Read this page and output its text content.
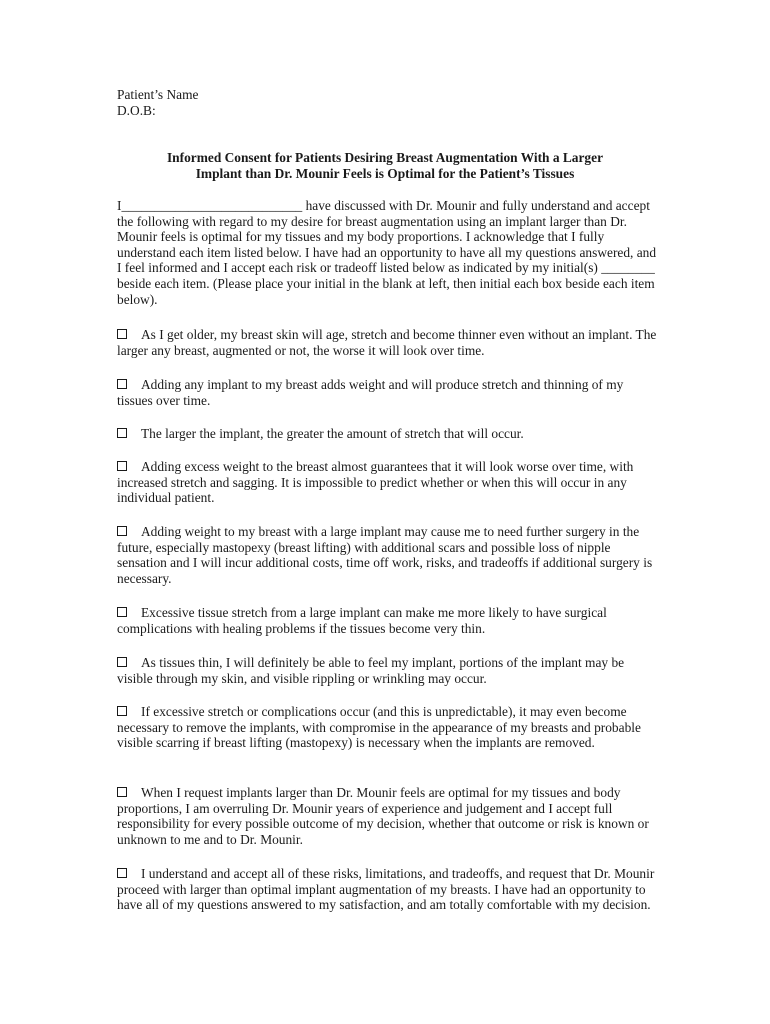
Patient’s Name
D.O.B:
Informed Consent for Patients Desiring Breast Augmentation With a Larger
Implant than Dr. Mounir Feels is Optimal for the Patient’s Tissues

I___________________________ have discussed with Dr. Mounir and fully understand and accept the following with regard to my desire for breast augmentation using an implant larger than Dr. Mounir feels is optimal for my tissues and my body proportions. I acknowledge that I fully understand each item listed below. I have had an opportunity to have all my questions answered, and I feel informed and I accept each risk or tradeoff listed below as indicated by my initial(s) ________ beside each item. (Please place your initial in the blank at left, then initial each box beside each item below).

As I get older, my breast skin will age, stretch and become thinner even without an implant. The larger any breast, augmented or not, the worse it will look over time.

Adding any implant to my breast adds weight and will produce stretch and thinning of my tissues over time.

The larger the implant, the greater the amount of stretch that will occur.

Adding excess weight to the breast almost guarantees that it will look worse over time, with increased stretch and sagging. It is impossible to predict whether or when this will occur in any individual patient.

Adding weight to my breast with a large implant may cause me to need further surgery in the future, especially mastopexy (breast lifting) with additional scars and possible loss of nipple sensation and I will incur additional costs, time off work, risks, and tradeoffs if additional surgery is necessary.

Excessive tissue stretch from a large implant can make me more likely to have surgical complications with healing problems if the tissues become very thin.

As tissues thin, I will definitely be able to feel my implant, portions of the implant may be visible through my skin, and visible rippling or wrinkling may occur.

If excessive stretch or complications occur (and this is unpredictable), it may even become necessary to remove the implants, with compromise in the appearance of my breasts and probable visible scarring if breast lifting (mastopexy) is necessary when the implants are removed.

When I request implants larger than Dr. Mounir feels are optimal for my tissues and body proportions, I am overruling Dr. Mounir years of experience and judgement and I accept full responsibility for every possible outcome of my decision, whether that outcome or risk is known or unknown to me and to Dr. Mounir.

I understand and accept all of these risks, limitations, and tradeoffs, and request that Dr. Mounir proceed with larger than optimal implant augmentation of my breasts. I have had an opportunity to have all of my questions answered to my satisfaction, and am totally comfortable with my decision.
